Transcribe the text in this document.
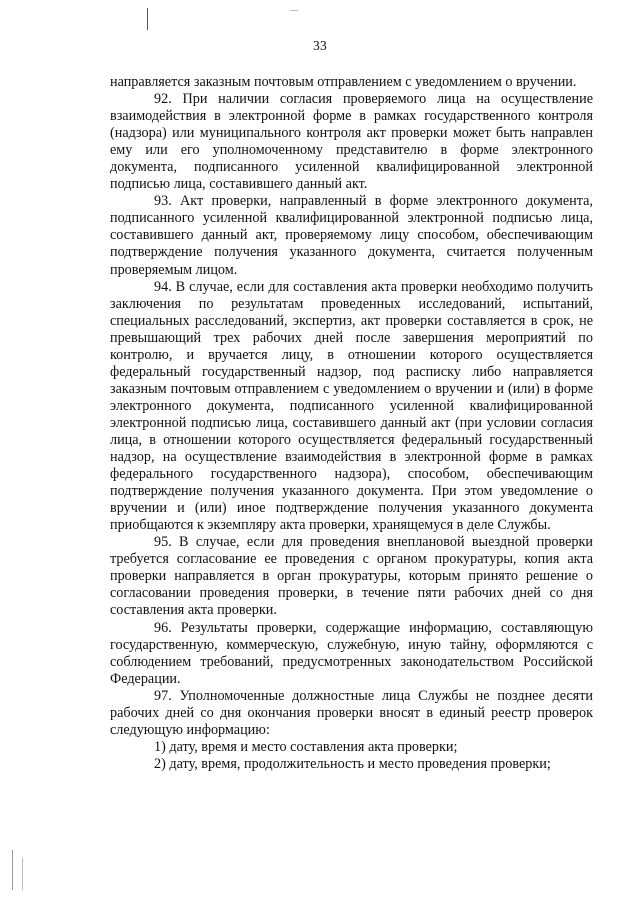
33

направляется заказным почтовым отправлением с уведомлением о вручении.

92. При наличии согласия проверяемого лица на осуществление взаимодействия в электронной форме в рамках государственного контроля (надзора) или муниципального контроля акт проверки может быть направлен ему или его уполномоченному представителю в форме электронного документа, подписанного усиленной квалифицированной электронной подписью лица, составившего данный акт.

93. Акт проверки, направленный в форме электронного документа, подписанного усиленной квалифицированной электронной подписью лица, составившего данный акт, проверяемому лицу способом, обеспечивающим подтверждение получения указанного документа, считается полученным проверяемым лицом.

94. В случае, если для составления акта проверки необходимо получить заключения по результатам проведенных исследований, испытаний, специальных расследований, экспертиз, акт проверки составляется в срок, не превышающий трех рабочих дней после завершения мероприятий по контролю, и вручается лицу, в отношении которого осуществляется федеральный государственный надзор, под расписку либо направляется заказным почтовым отправлением с уведомлением о вручении и (или) в форме электронного документа, подписанного усиленной квалифицированной электронной подписью лица, составившего данный акт (при условии согласия лица, в отношении которого осуществляется федеральный государственный надзор, на осуществление взаимодействия в электронной форме в рамках федерального государственного надзора), способом, обеспечивающим подтверждение получения указанного документа. При этом уведомление о вручении и (или) иное подтверждение получения указанного документа приобщаются к экземпляру акта проверки, хранящемуся в деле Службы.

95. В случае, если для проведения внеплановой выездной проверки требуется согласование ее проведения с органом прокуратуры, копия акта проверки направляется в орган прокуратуры, которым принято решение о согласовании проведения проверки, в течение пяти рабочих дней со дня составления акта проверки.

96. Результаты проверки, содержащие информацию, составляющую государственную, коммерческую, служебную, иную тайну, оформляются с соблюдением требований, предусмотренных законодательством Российской Федерации.

97. Уполномоченные должностные лица Службы не позднее десяти рабочих дней со дня окончания проверки вносят в единый реестр проверок следующую информацию:

1) дату, время и место составления акта проверки;

2) дату, время, продолжительность и место проведения проверки;
